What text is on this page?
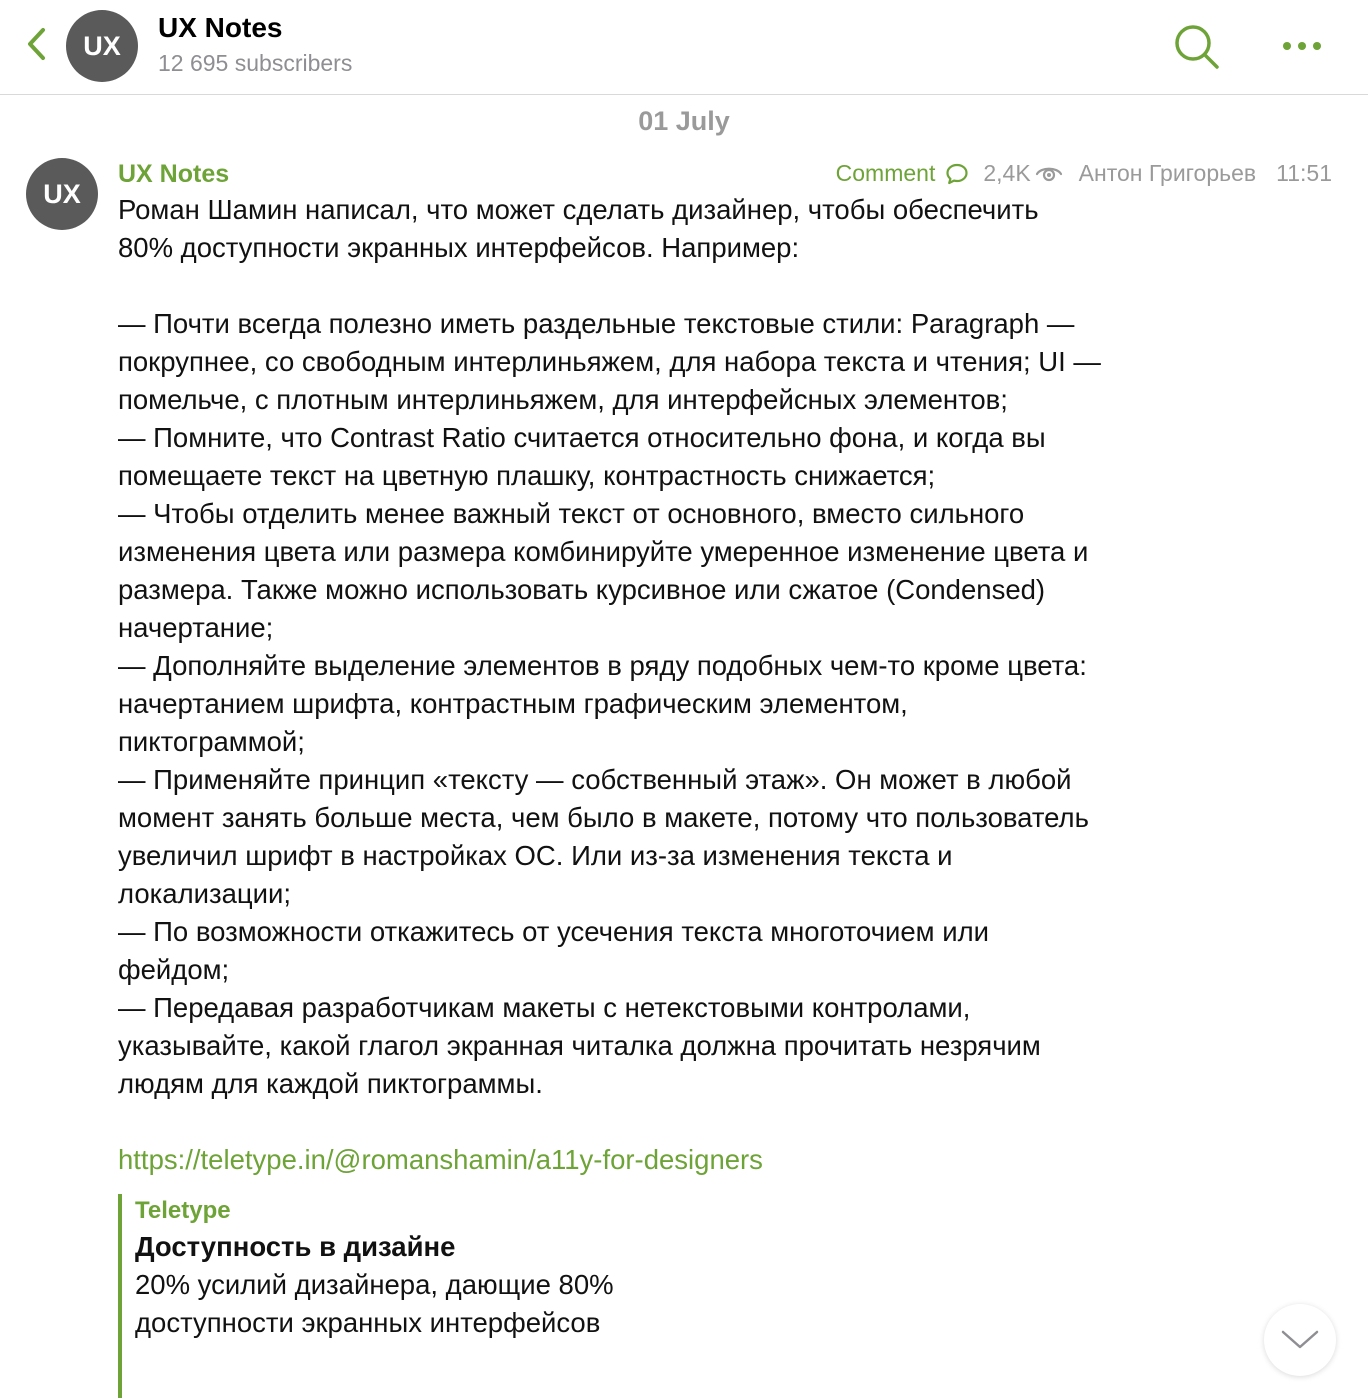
UX
UX Notes
12 695 subscribers
01 July
UX
UX Notes	Comment 2,4K Антон Григорьев 11:51
Роман Шамин написал, что может сделать дизайнер, чтобы обеспечить
80% доступности экранных интерфейсов. Например:

— Почти всегда полезно иметь раздельные текстовые стили: Paragraph —
покрупнее, со свободным интерлиньяжем, для набора текста и чтения; UI —
помельче, с плотным интерлиньяжем, для интерфейсных элементов;
— Помните, что Contrast Ratio считается относительно фона, и когда вы
помещаете текст на цветную плашку, контрастность снижается;
— Чтобы отделить менее важный текст от основного, вместо сильного
изменения цвета или размера комбинируйте умеренное изменение цвета и
размера. Также можно использовать курсивное или сжатое (Condensed)
начертание;
— Дополняйте выделение элементов в ряду подобных чем-то кроме цвета:
начертанием шрифта, контрастным графическим элементом,
пиктограммой;
— Применяйте принцип «тексту — собственный этаж». Он может в любой
момент занять больше места, чем было в макете, потому что пользователь
увеличил шрифт в настройках ОС. Или из-за изменения текста и
локализации;
— По возможности откажитесь от усечения текста многоточием или
фейдом;
— Передавая разработчикам макеты с нетекстовыми контролами,
указывайте, какой глагол экранная читалка должна прочитать незрячим
людям для каждой пиктограммы.
https://teletype.in/@romanshamin/a11y-for-designers
Teletype
Доступность в дизайне
20% усилий дизайнера, дающие 80%
доступности экранных интерфейсов
